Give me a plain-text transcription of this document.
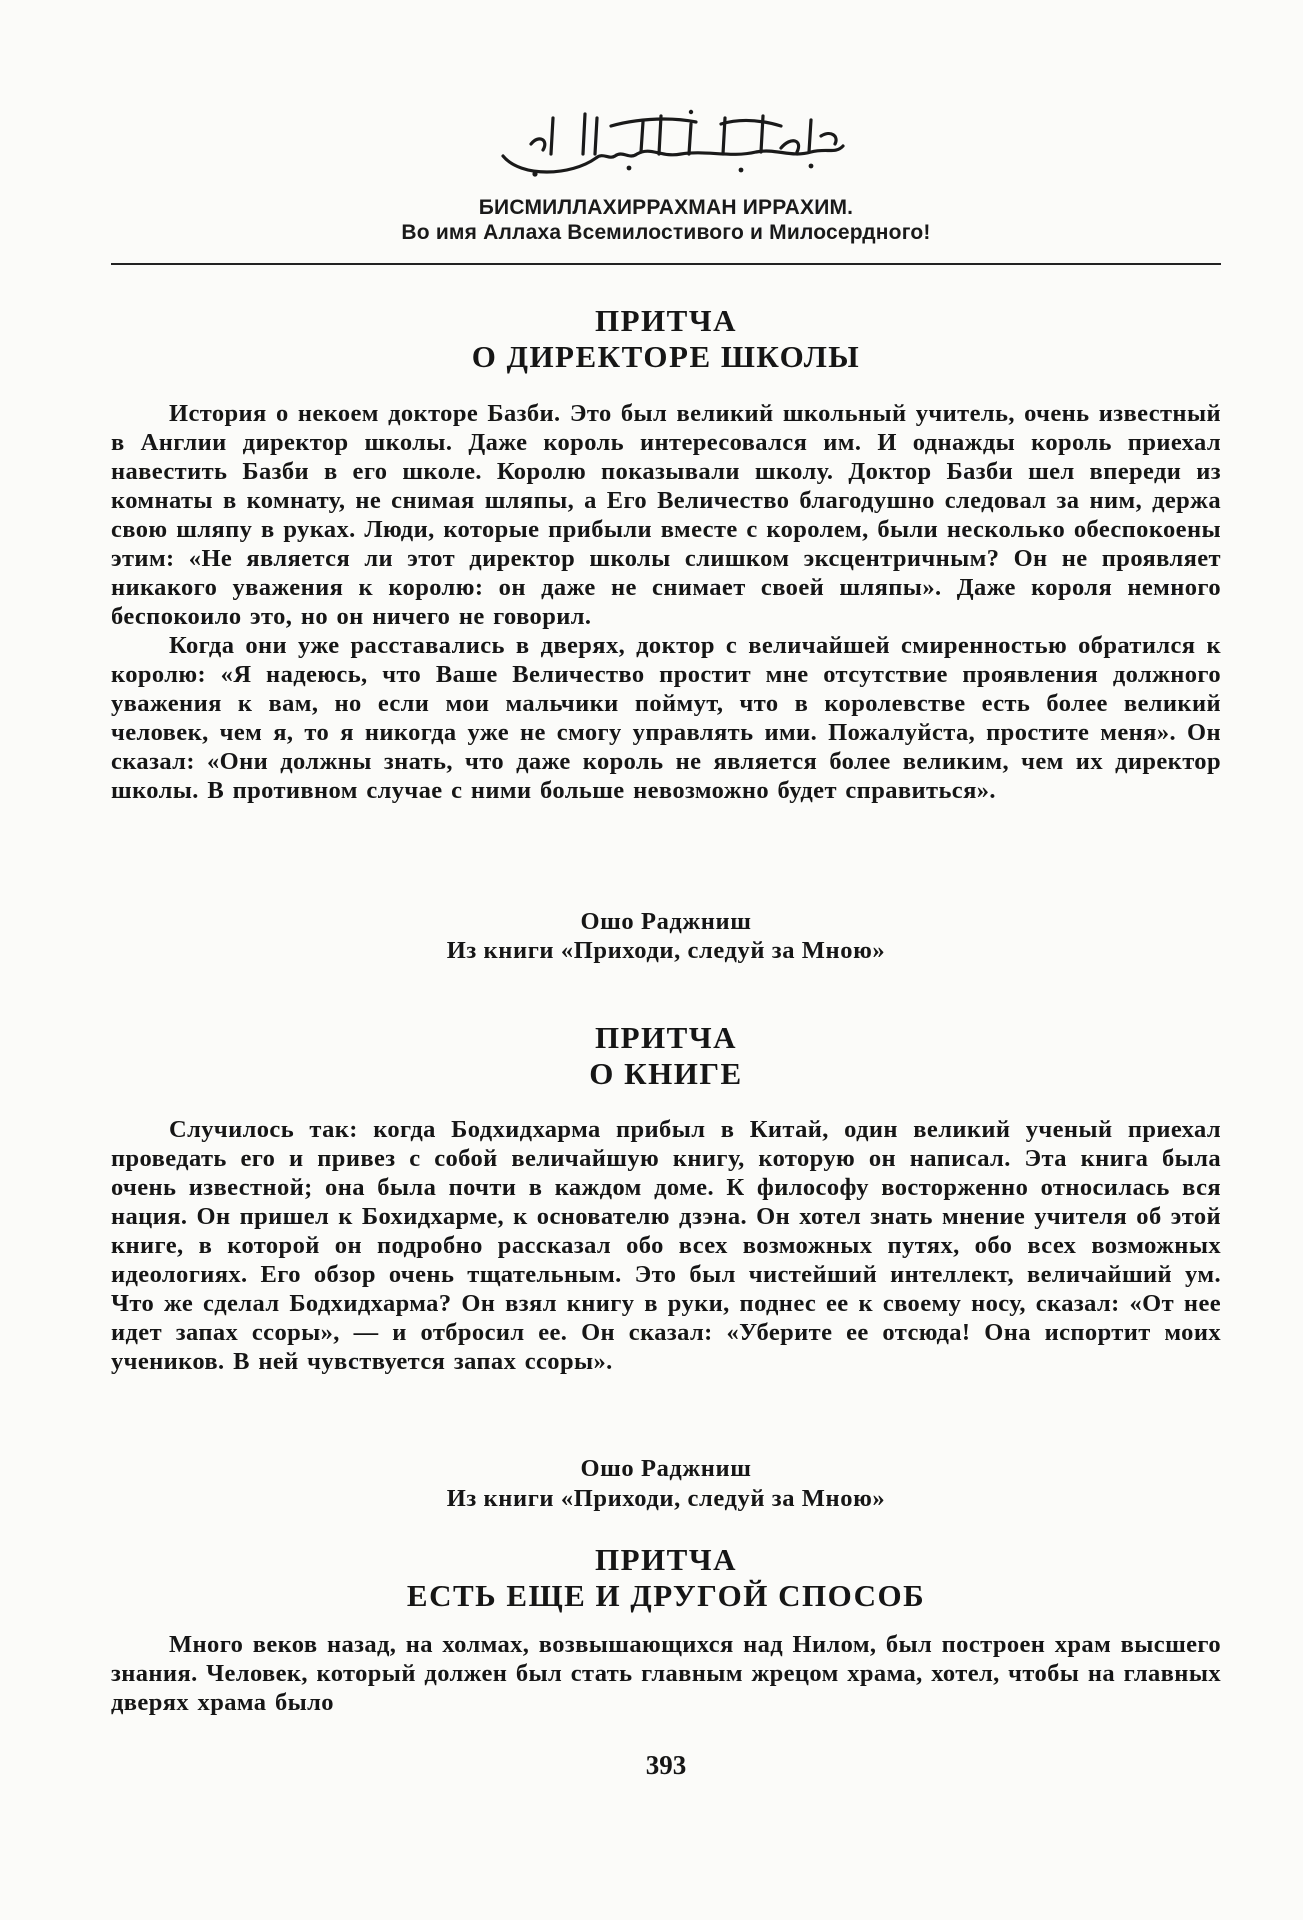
БИСМИЛЛАХИРРАХМАН ИРРАХИМ.
Во имя Аллаха Всемилостивого и Милосердного!
ПРИТЧА
О ДИРЕКТОРЕ ШКОЛЫ

История о некоем докторе Базби. Это был великий школьный учитель, очень известный в Англии директор школы. Даже король интересовался им. И однажды король приехал навестить Базби в его школе. Королю показывали школу. Доктор Базби шел впереди из комнаты в комнату, не снимая шляпы, а Его Величество благодушно следовал за ним, держа свою шляпу в руках. Люди, которые прибыли вместе с королем, были несколько обеспокоены этим: «Не является ли этот директор школы слишком эксцентричным? Он не проявляет никакого уважения к королю: он даже не снимает своей шляпы». Даже короля немного беспокоило это, но он ничего не говорил.

Когда они уже расставались в дверях, доктор с величайшей смиренностью обратился к королю: «Я надеюсь, что Ваше Величество простит мне отсутствие проявления должного уважения к вам, но если мои мальчики поймут, что в королевстве есть более великий человек, чем я, то я никогда уже не смогу управлять ими. Пожалуйста, простите меня». Он сказал: «Они должны знать, что даже король не является более великим, чем их директор школы. В противном случае с ними больше невозможно будет справиться».

Ошо Раджниш
Из книги «Приходи, следуй за Мною»
ПРИТЧА
О КНИГЕ

Случилось так: когда Бодхидхарма прибыл в Китай, один великий ученый приехал проведать его и привез с собой величайшую книгу, которую он написал. Эта книга была очень известной; она была почти в каждом доме. К философу восторженно относилась вся нация. Он пришел к Бохидхарме, к основателю дзэна. Он хотел знать мнение учителя об этой книге, в которой он подробно рассказал обо всех возможных путях, обо всех возможных идеологиях. Его обзор очень тщательным. Это был чистейший интеллект, величайший ум. Что же сделал Бодхидхарма? Он взял книгу в руки, поднес ее к своему носу, сказал: «От нее идет запах ссоры», — и отбросил ее. Он сказал: «Уберите ее отсюда! Она испортит моих учеников. В ней чувствуется запах ссоры».

Ошо Раджниш
Из книги «Приходи, следуй за Мною»
ПРИТЧА
ЕСТЬ ЕЩЕ И ДРУГОЙ СПОСОБ

Много веков назад, на холмах, возвышающихся над Нилом, был построен храм высшего знания. Человек, который должен был стать главным жрецом храма, хотел, чтобы на главных дверях храма было

393
